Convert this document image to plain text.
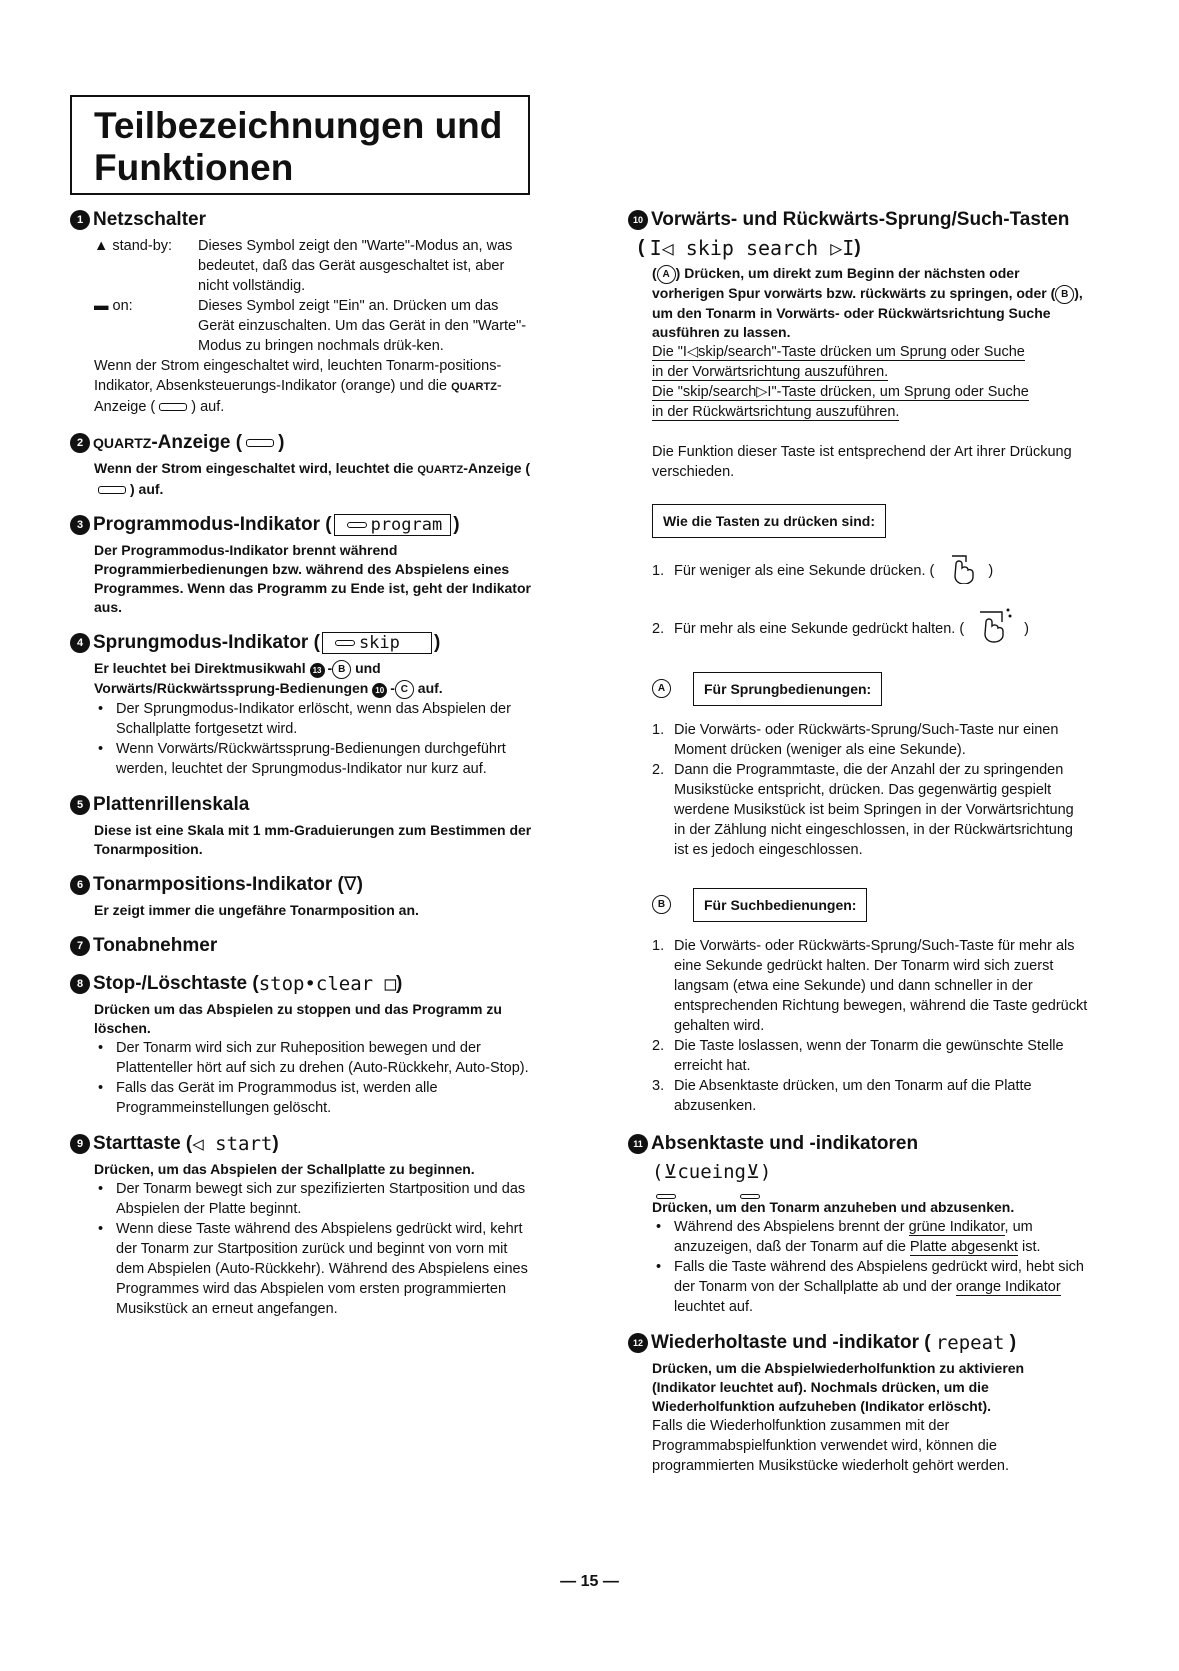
Teilbezeichnungen und
Funktionen
1 Netzschalter
▲ stand-by:	Dieses Symbol zeigt den "Warte"-Modus an, was bedeutet, daß das Gerät ausgeschaltet ist, aber nicht vollständig.
▬ on:	Dieses Symbol zeigt "Ein" an. Drücken um das Gerät einzuschalten. Um das Gerät in den "Warte"-Modus zu bringen nochmals drük-ken.
Wenn der Strom eingeschaltet wird, leuchten Tonarm-positions-Indikator, Absenksteuerungs-Indikator (orange) und die QUARTZ-Anzeige ( ) auf.
2 QUARTZ -Anzeige ( )
Wenn der Strom eingeschaltet wird, leuchtet die QUARTZ-Anzeige () auf.
3 Programmodus-Indikator (	program )
Der Programmodus-Indikator brennt während Programmierbedienungen bzw. während des Abspielens eines Programmes. Wenn das Programm zu Ende ist, geht der Indikator aus.
4 Sprungmodus-Indikator (	skip	)
Er leuchtet bei Direktmusikwahl 13 - B und Vorwärts/Rückwärtssprung-Bedienungen 10 - C auf.
• Der Sprungmodus-Indikator erlöscht, wenn das Abspielen der Schallplatte fortgesetzt wird.
• Wenn Vorwärts/Rückwärtssprung-Bedienungen durchgeführt werden, leuchtet der Sprungmodus-Indikator nur kurz auf.
5 Plattenrillenskala
Diese ist eine Skala mit 1 mm-Graduierungen zum Bestimmen der Tonarmposition.
6 Tonarmpositions-Indikator ( ∇ )
Er zeigt immer die ungefähre Tonarmposition an.
7 Tonabnehmer
8 Stop-/Löschtaste ( stop•clear □ )
Drücken um das Abspielen zu stoppen und das Programm zu löschen.
• Der Tonarm wird sich zur Ruheposition bewegen und der Plattenteller hört auf sich zu drehen (Auto-Rückkehr, Auto-Stop).
• Falls das Gerät im Programmodus ist, werden alle Programmeinstellungen gelöscht.
9 Starttaste ( ◁ start )
Drücken, um das Abspielen der Schallplatte zu beginnen.
• Der Tonarm bewegt sich zur spezifizierten Startposition und das Abspielen der Platte beginnt.
• Wenn diese Taste während des Abspielens gedrückt wird, kehrt der Tonarm zur Startposition zurück und beginnt von vorn mit dem Abspielen (Auto-Rückkehr). Während des Abspielens eines Programmes wird das Abspielen vom ersten programmierten Musikstück an erneut angefangen.
10 Vorwärts- und Rückwärts-Sprung/Such-Tasten
(
I◁ skip search ▷I )
( A ) Drücken, um direkt zum Beginn der nächsten oder vorherigen Spur vorwärts bzw. rückwärts zu springen, oder ( B ), um den Tonarm in Vorwärts- oder Rückwärtsrichtung Suche ausführen zu lassen.
Die "I◁skip/search"-Taste drücken um Sprung oder Suche
in der Vorwärtsrichtung auszuführen.
Die "skip/search▷I"-Taste drücken, um Sprung oder Suche
in der Rückwärtsrichtung auszuführen.
Die Funktion dieser Taste ist entsprechend der Art ihrer Drückung verschieden.
Wie die Tasten zu drücken sind:
1. Für weniger als eine Sekunde drücken. (	)
2. Für mehr als eine Sekunde gedrückt halten. (	)
A	Für Sprungbedienungen:
1. Die Vorwärts- oder Rückwärts-Sprung/Such-Taste nur einen Moment drücken (weniger als eine Sekunde).
2. Dann die Programmtaste, die der Anzahl der zu springenden Musikstücke entspricht, drücken. Das gegenwärtig gespielt werdene Musikstück ist beim Springen in der Vorwärtsrichtung in der Zählung nicht eingeschlossen, in der Rückwärtsrichtung ist es jedoch eingeschlossen.
B	Für Suchbedienungen:
1. Die Vorwärts- oder Rückwärts-Sprung/Such-Taste für mehr als eine Sekunde gedrückt halten. Der Tonarm wird sich zuerst langsam (etwa eine Sekunde) und dann schneller in der entsprechenden Richtung bewegen, während die Taste gedrückt gehalten wird.
2. Die Taste loslassen, wenn der Tonarm die gewünschte Stelle erreicht hat.
3. Die Absenktaste drücken, um den Tonarm auf die Platte abzusenken.
11 Absenktaste und -indikatoren
(⊻cueing⊻)
Drücken, um den Tonarm anzuheben und abzusenken.
• Während des Abspielens brennt der grüne Indikator, um anzuzeigen, daß der Tonarm auf die Platte abgesenkt ist.
• Falls die Taste während des Abspielens gedrückt wird, hebt sich der Tonarm von der Schallplatte ab und der orange Indikator leuchtet auf.
12 Wiederholtaste und -indikator (
repeat
)
Drücken, um die Abspielwiederholfunktion zu aktivieren (Indikator leuchtet auf). Nochmals drücken, um die Wiederholfunktion aufzuheben (Indikator erlöscht).
Falls die Wiederholfunktion zusammen mit der Programmabspielfunktion verwendet wird, können die programmierten Musikstücke wiederholt gehört werden.
— 15 —
